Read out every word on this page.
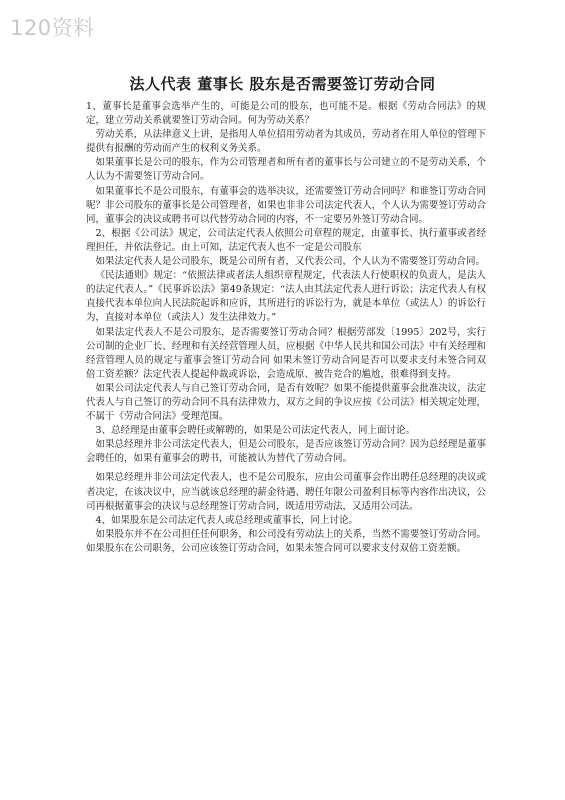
120资料
法人代表 董事长 股东是否需要签订劳动合同

1、董事长是董事会选举产生的，可能是公司的股东，也可能不是。根据《劳动合同法》的规定，建立劳动关系就要签订劳动合同。何为劳动关系？

劳动关系，从法律意义上讲，是指用人单位招用劳动者为其成员，劳动者在用人单位的管理下提供有报酬的劳动而产生的权利义务关系。

如果董事长是公司的股东，作为公司管理者和所有者的董事长与公司建立的不是劳动关系，个人认为不需要签订劳动合同。

如果董事长不是公司股东，有董事会的选举决议，还需要签订劳动合同吗？和谁签订劳动合同呢？非公司股东的董事长是公司管理者，如果也非非公司法定代表人，个人认为需要签订劳动合同，董事会的决议或聘书可以代替劳动合同的内容，不一定要另外签订劳动合同。

2、根据《公司法》规定，公司法定代表人依照公司章程的规定，由董事长、执行董事或者经理担任，并依法登记。由上可知，法定代表人也不一定是公司股东

如果法定代表人是公司股东，既是公司所有者，又代表公司，个人认为不需要签订劳动合同。

《民法通则》规定：“依照法律或者法人组织章程规定，代表法人行使职权的负责人，是法人的法定代表人。”《民事诉讼法》第49条规定：“法人由其法定代表人进行诉讼；法定代表人有权直接代表本单位向人民法院起诉和应诉，其所进行的诉讼行为，就是本单位（或法人）的诉讼行为，直接对本单位（或法人）发生法律效力。”

如果法定代表人不是公司股东，是否需要签订劳动合同？根据劳部发〔1995〕202号，实行公司制的企业厂长、经理和有关经营管理人员，应根据《中华人民共和国公司法》中有关经理和经营管理人员的规定与董事会签订劳动合同 如果未签订劳动合同是否可以要求支付未签合同双倍工资差额？法定代表人提起仲裁或诉讼，会造成原、被告竞合的尴尬，很难得到支持。

如果公司法定代表人与自己签订劳动合同，是否有效呢？如果不能提供董事会批准决议，法定代表人与自己签订的劳动合同不具有法律效力，双方之间的争议应按《公司法》相关规定处理，不属于《劳动合同法》受理范围。

3、总经理是由董事会聘任或解聘的，如果是公司法定代表人，同上面讨论。

如果总经理并非公司法定代表人，但是公司股东，是否应该签订劳动合同？因为总经理是董事会聘任的，如果有董事会的聘书，可能被认为替代了劳动合同。

如果总经理并非公司法定代表人，也不是公司股东，应由公司董事会作出聘任总经理的决议或者决定，在该决议中，应当就该总经理的薪金待遇、聘任年限公司盈利目标等内容作出决议，公司再根据董事会的决议与总经理签订劳动合同，既适用劳动法，又适用公司法。

4、如果股东是公司法定代表人或总经理或董事长，同上讨论。

如果股东并不在公司担任任何职务，和公司没有劳动法上的关系，当然不需要签订劳动合同。如果股东在公司职务，公司应该签订劳动合同，如果未签合同可以要求支付双倍工资差额。
